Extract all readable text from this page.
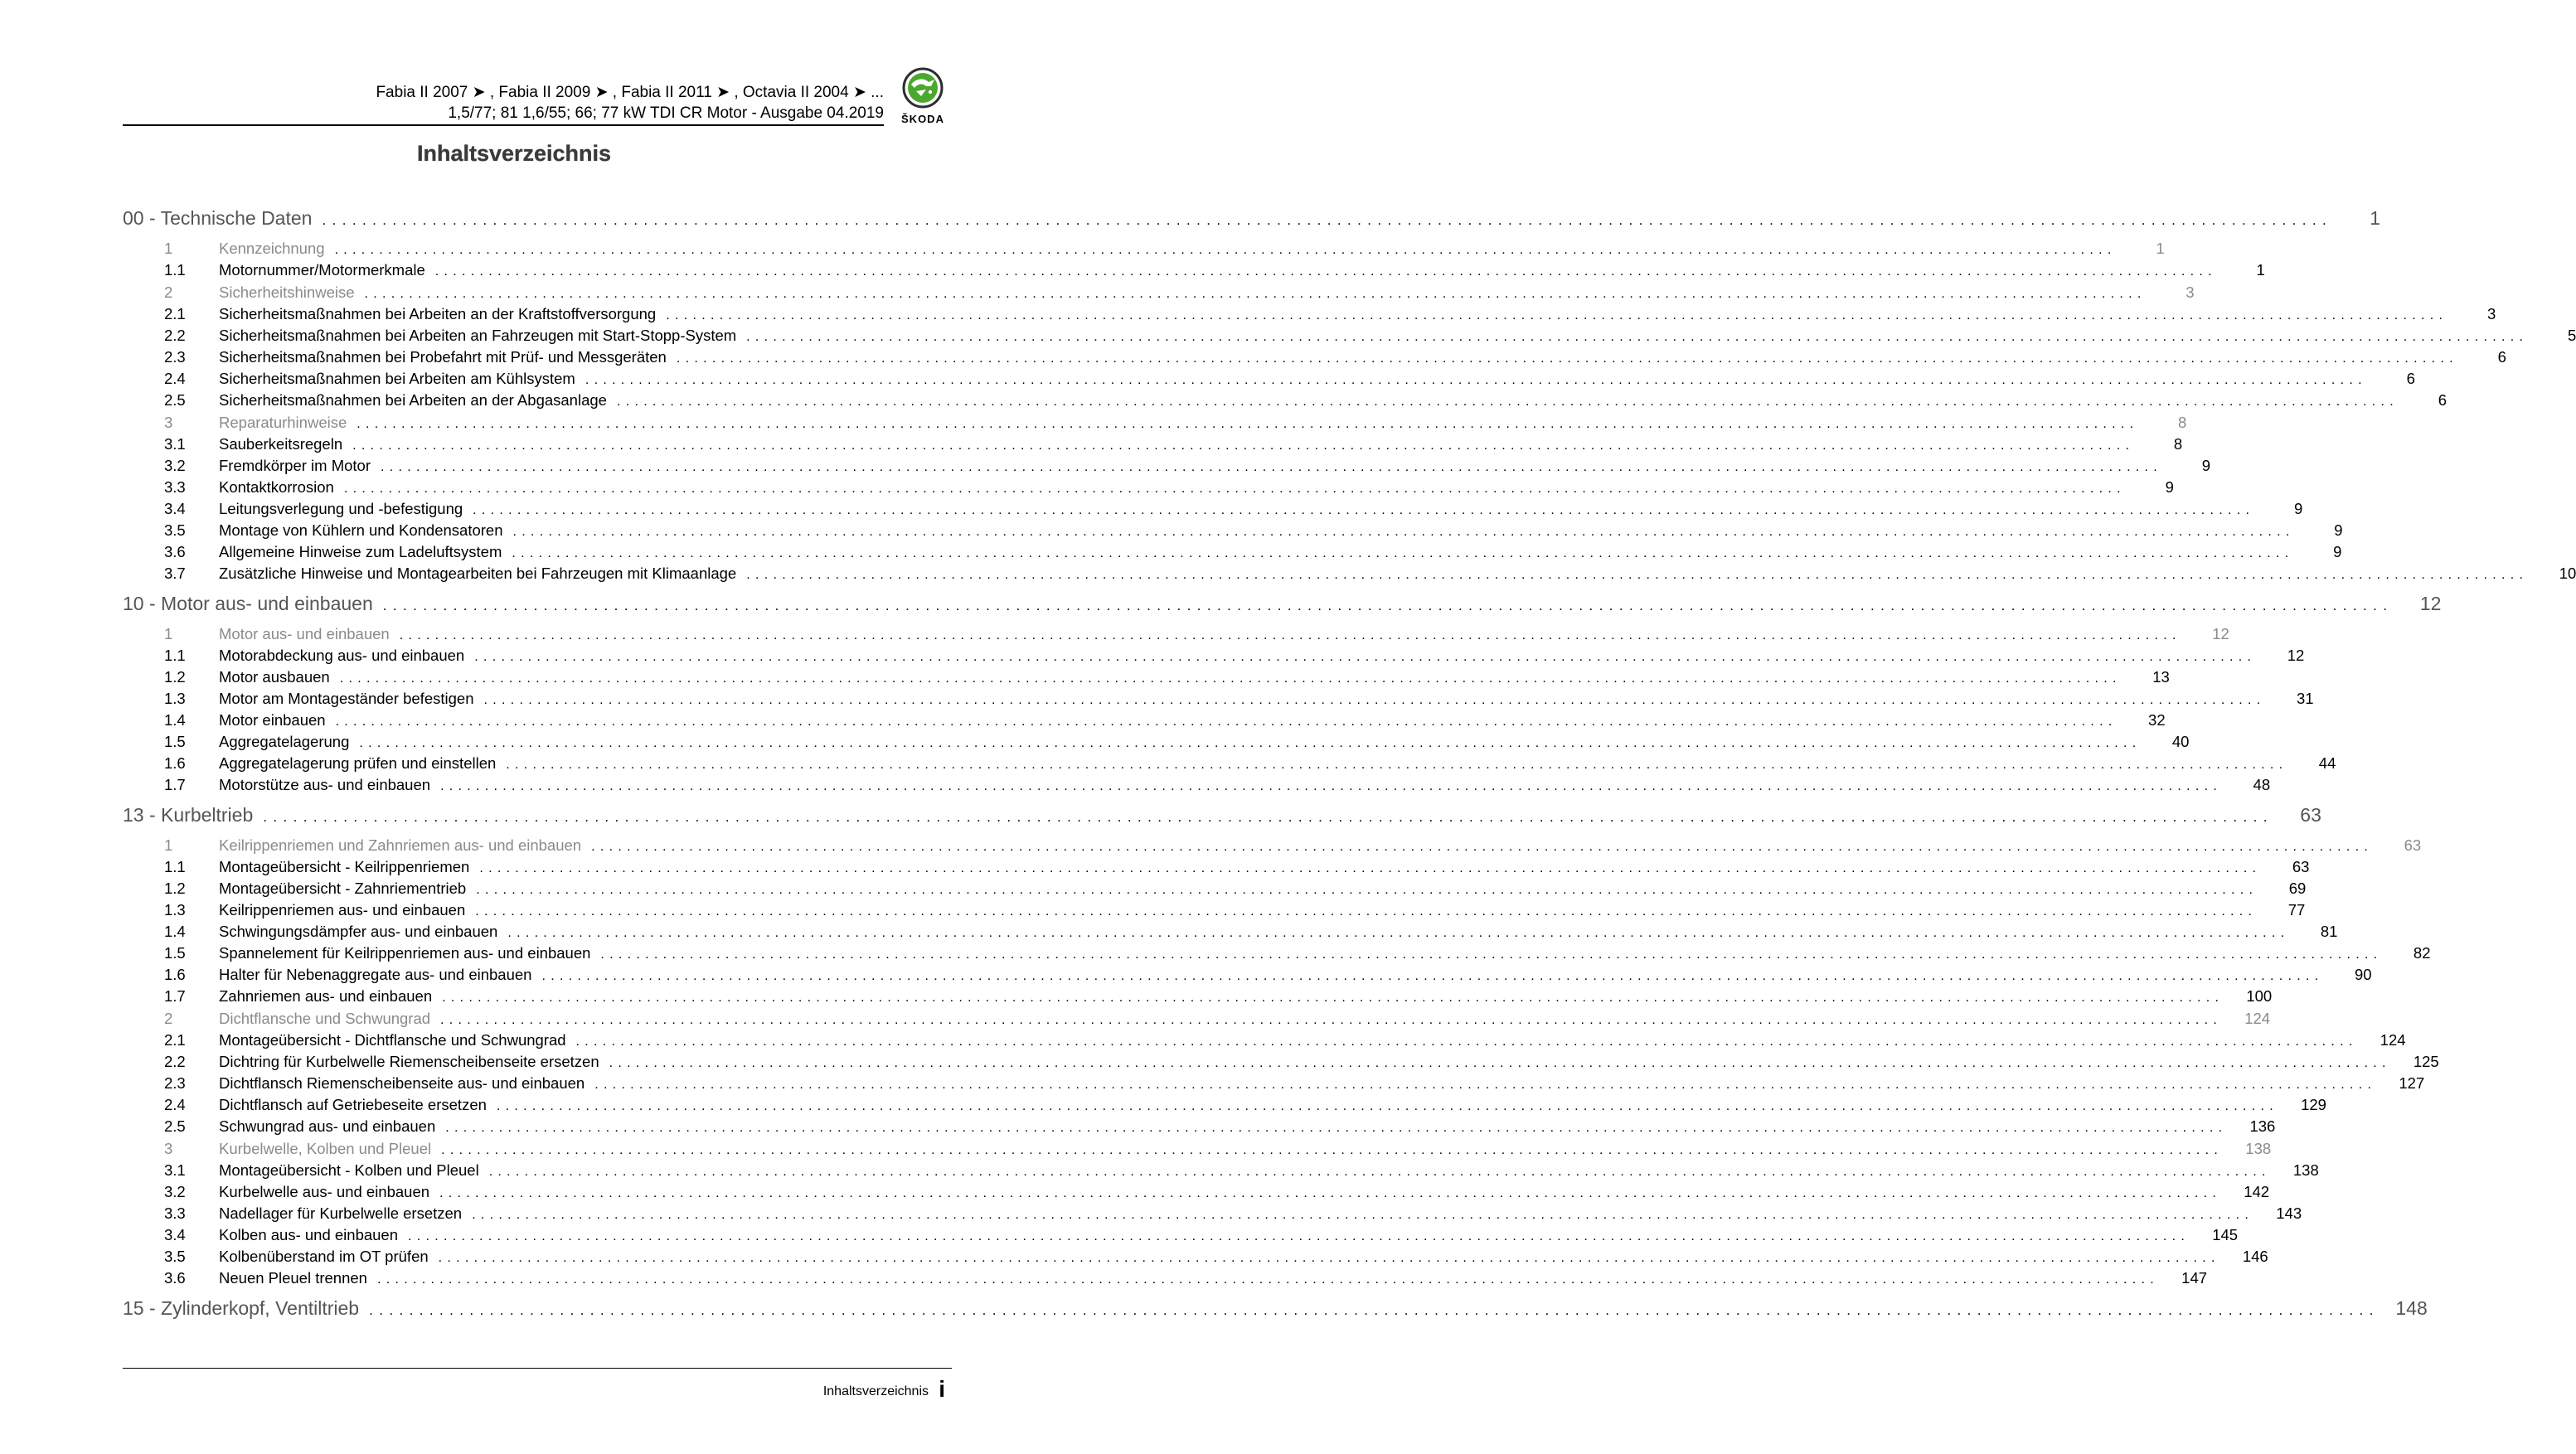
Fabia II 2007 ➤ , Fabia II 2009 ➤ , Fabia II 2011 ➤ , Octavia II 2004 ➤ ...
1,5/77; 81 1,6/55; 66; 77 kW TDI CR Motor - Ausgabe 04.2019	ŠKODA
Inhaltsverzeichnis
00 - Technische Daten ........................................................................................................................................................................................................	1
1	Kennzeichnung ........................................................................................................................................................................................................	1
1.1	Motornummer/Motormerkmale ........................................................................................................................................................................................................	1
2	Sicherheitshinweise ........................................................................................................................................................................................................	3
2.1	Sicherheitsmaßnahmen bei Arbeiten an der Kraftstoffversorgung ........................................................................................................................................................................................................	3
2.2	Sicherheitsmaßnahmen bei Arbeiten an Fahrzeugen mit Start-Stopp-System ........................................................................................................................................................................................................	5
2.3	Sicherheitsmaßnahmen bei Probefahrt mit Prüf- und Messgeräten ........................................................................................................................................................................................................	6
2.4	Sicherheitsmaßnahmen bei Arbeiten am Kühlsystem ........................................................................................................................................................................................................	6
2.5	Sicherheitsmaßnahmen bei Arbeiten an der Abgasanlage ........................................................................................................................................................................................................	6
3	Reparaturhinweise ........................................................................................................................................................................................................	8
3.1	Sauberkeitsregeln ........................................................................................................................................................................................................	8
3.2	Fremdkörper im Motor ........................................................................................................................................................................................................	9
3.3	Kontaktkorrosion ........................................................................................................................................................................................................	9
3.4	Leitungsverlegung und -befestigung ........................................................................................................................................................................................................	9
3.5	Montage von Kühlern und Kondensatoren ........................................................................................................................................................................................................	9
3.6	Allgemeine Hinweise zum Ladeluftsystem ........................................................................................................................................................................................................	9
3.7	Zusätzliche Hinweise und Montagearbeiten bei Fahrzeugen mit Klimaanlage ........................................................................................................................................................................................................	10
10 - Motor aus- und einbauen ........................................................................................................................................................................................................	12
1	Motor aus- und einbauen ........................................................................................................................................................................................................	12
1.1	Motorabdeckung aus- und einbauen ........................................................................................................................................................................................................	12
1.2	Motor ausbauen ........................................................................................................................................................................................................	13
1.3	Motor am Montageständer befestigen ........................................................................................................................................................................................................	31
1.4	Motor einbauen ........................................................................................................................................................................................................	32
1.5	Aggregatelagerung ........................................................................................................................................................................................................	40
1.6	Aggregatelagerung prüfen und einstellen ........................................................................................................................................................................................................	44
1.7	Motorstütze aus- und einbauen ........................................................................................................................................................................................................	48
13 - Kurbeltrieb ........................................................................................................................................................................................................	63
1	Keilrippenriemen und Zahnriemen aus- und einbauen ........................................................................................................................................................................................................	63
1.1	Montageübersicht - Keilrippenriemen ........................................................................................................................................................................................................	63
1.2	Montageübersicht - Zahnriementrieb ........................................................................................................................................................................................................	69
1.3	Keilrippenriemen aus- und einbauen ........................................................................................................................................................................................................	77
1.4	Schwingungsdämpfer aus- und einbauen ........................................................................................................................................................................................................	81
1.5	Spannelement für Keilrippenriemen aus- und einbauen ........................................................................................................................................................................................................	82
1.6	Halter für Nebenaggregate aus- und einbauen ........................................................................................................................................................................................................	90
1.7	Zahnriemen aus- und einbauen ........................................................................................................................................................................................................	100
2	Dichtflansche und Schwungrad ........................................................................................................................................................................................................	124
2.1	Montageübersicht - Dichtflansche und Schwungrad ........................................................................................................................................................................................................	124
2.2	Dichtring für Kurbelwelle Riemenscheibenseite ersetzen ........................................................................................................................................................................................................	125
2.3	Dichtflansch Riemenscheibenseite aus- und einbauen ........................................................................................................................................................................................................	127
2.4	Dichtflansch auf Getriebeseite ersetzen ........................................................................................................................................................................................................	129
2.5	Schwungrad aus- und einbauen ........................................................................................................................................................................................................	136
3	Kurbelwelle, Kolben und Pleuel ........................................................................................................................................................................................................	138
3.1	Montageübersicht - Kolben und Pleuel ........................................................................................................................................................................................................	138
3.2	Kurbelwelle aus- und einbauen ........................................................................................................................................................................................................	142
3.3	Nadellager für Kurbelwelle ersetzen ........................................................................................................................................................................................................	143
3.4	Kolben aus- und einbauen ........................................................................................................................................................................................................	145
3.5	Kolbenüberstand im OT prüfen ........................................................................................................................................................................................................	146
3.6	Neuen Pleuel trennen ........................................................................................................................................................................................................	147
15 - Zylinderkopf, Ventiltrieb ........................................................................................................................................................................................................ 148
Inhaltsverzeichnis i
